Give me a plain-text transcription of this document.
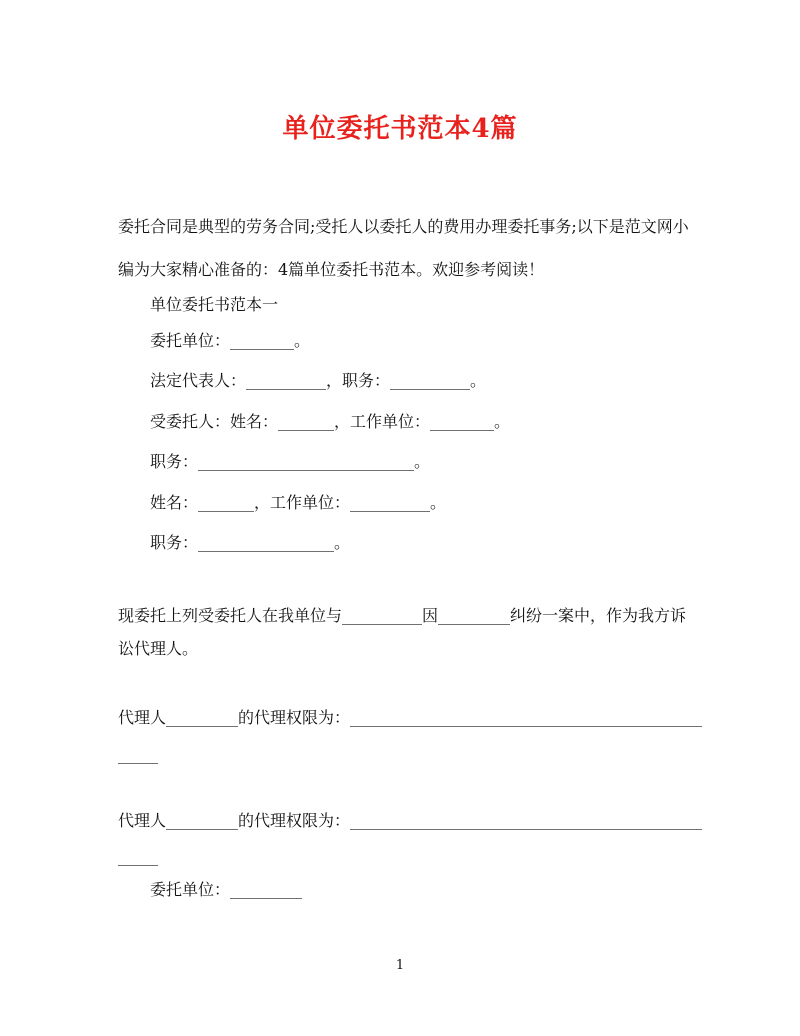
单位委托书范本4篇
委托合同是典型的劳务合同;受托人以委托人的费用办理委托事务;以下是范文网小
编为大家精心准备的：4篇单位委托书范本。欢迎参考阅读！
单位委托书范本一
委托单位：________。
法定代表人：__________，职务：__________。
受委托人：姓名：_______，工作单位：________。
职务：___________________________。
姓名：_______，工作单位：__________。
职务：_________________。
现委托上列受委托人在我单位与__________因_________纠纷一案中，作为我方诉
讼代理人。
代理人_________的代理权限为：____________________________________________
_____
代理人_________的代理权限为：____________________________________________
_____
委托单位：_________
1
